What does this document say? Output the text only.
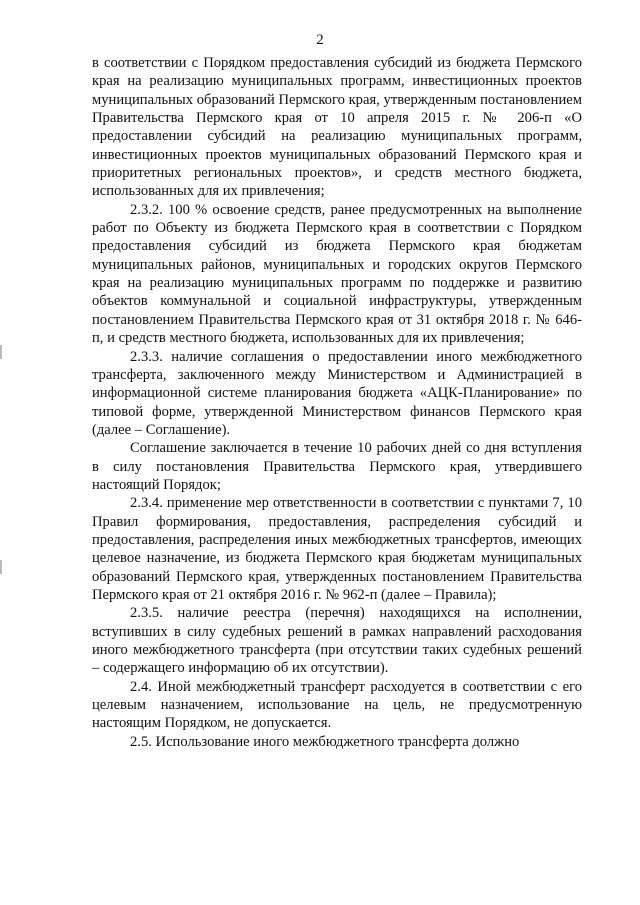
2

в соответствии с Порядком предоставления субсидий из бюджета Пермского края на реализацию муниципальных программ, инвестиционных проектов муниципальных образований Пермского края, утвержденным постановлением Правительства Пермского края от 10 апреля 2015 г. № 206-п «О предоставлении субсидий на реализацию муниципальных программ, инвестиционных проектов муниципальных образований Пермского края и приоритетных региональных проектов», и средств местного бюджета, использованных для их привлечения;

2.3.2. 100 % освоение средств, ранее предусмотренных на выполнение работ по Объекту из бюджета Пермского края в соответствии с Порядком предоставления субсидий из бюджета Пермского края бюджетам муниципальных районов, муниципальных и городских округов Пермского края на реализацию муниципальных программ по поддержке и развитию объектов коммунальной и социальной инфраструктуры, утвержденным постановлением Правительства Пермского края от 31 октября 2018 г. № 646-п, и средств местного бюджета, использованных для их привлечения;

2.3.3. наличие соглашения о предоставлении иного межбюджетного трансферта, заключенного между Министерством и Администрацией в информационной системе планирования бюджета «АЦК-Планирование» по типовой форме, утвержденной Министерством финансов Пермского края (далее – Соглашение).

Соглашение заключается в течение 10 рабочих дней со дня вступления в силу постановления Правительства Пермского края, утвердившего настоящий Порядок;

2.3.4. применение мер ответственности в соответствии с пунктами 7, 10 Правил формирования, предоставления, распределения субсидий и предоставления, распределения иных межбюджетных трансфертов, имеющих целевое назначение, из бюджета Пермского края бюджетам муниципальных образований Пермского края, утвержденных постановлением Правительства Пермского края от 21 октября 2016 г. № 962-п (далее – Правила);

2.3.5. наличие реестра (перечня) находящихся на исполнении, вступивших в силу судебных решений в рамках направлений расходования иного межбюджетного трансферта (при отсутствии таких судебных решений – содержащего информацию об их отсутствии).

2.4. Иной межбюджетный трансферт расходуется в соответствии с его целевым назначением, использование на цель, не предусмотренную настоящим Порядком, не допускается.

2.5. Использование иного межбюджетного трансферта должно
